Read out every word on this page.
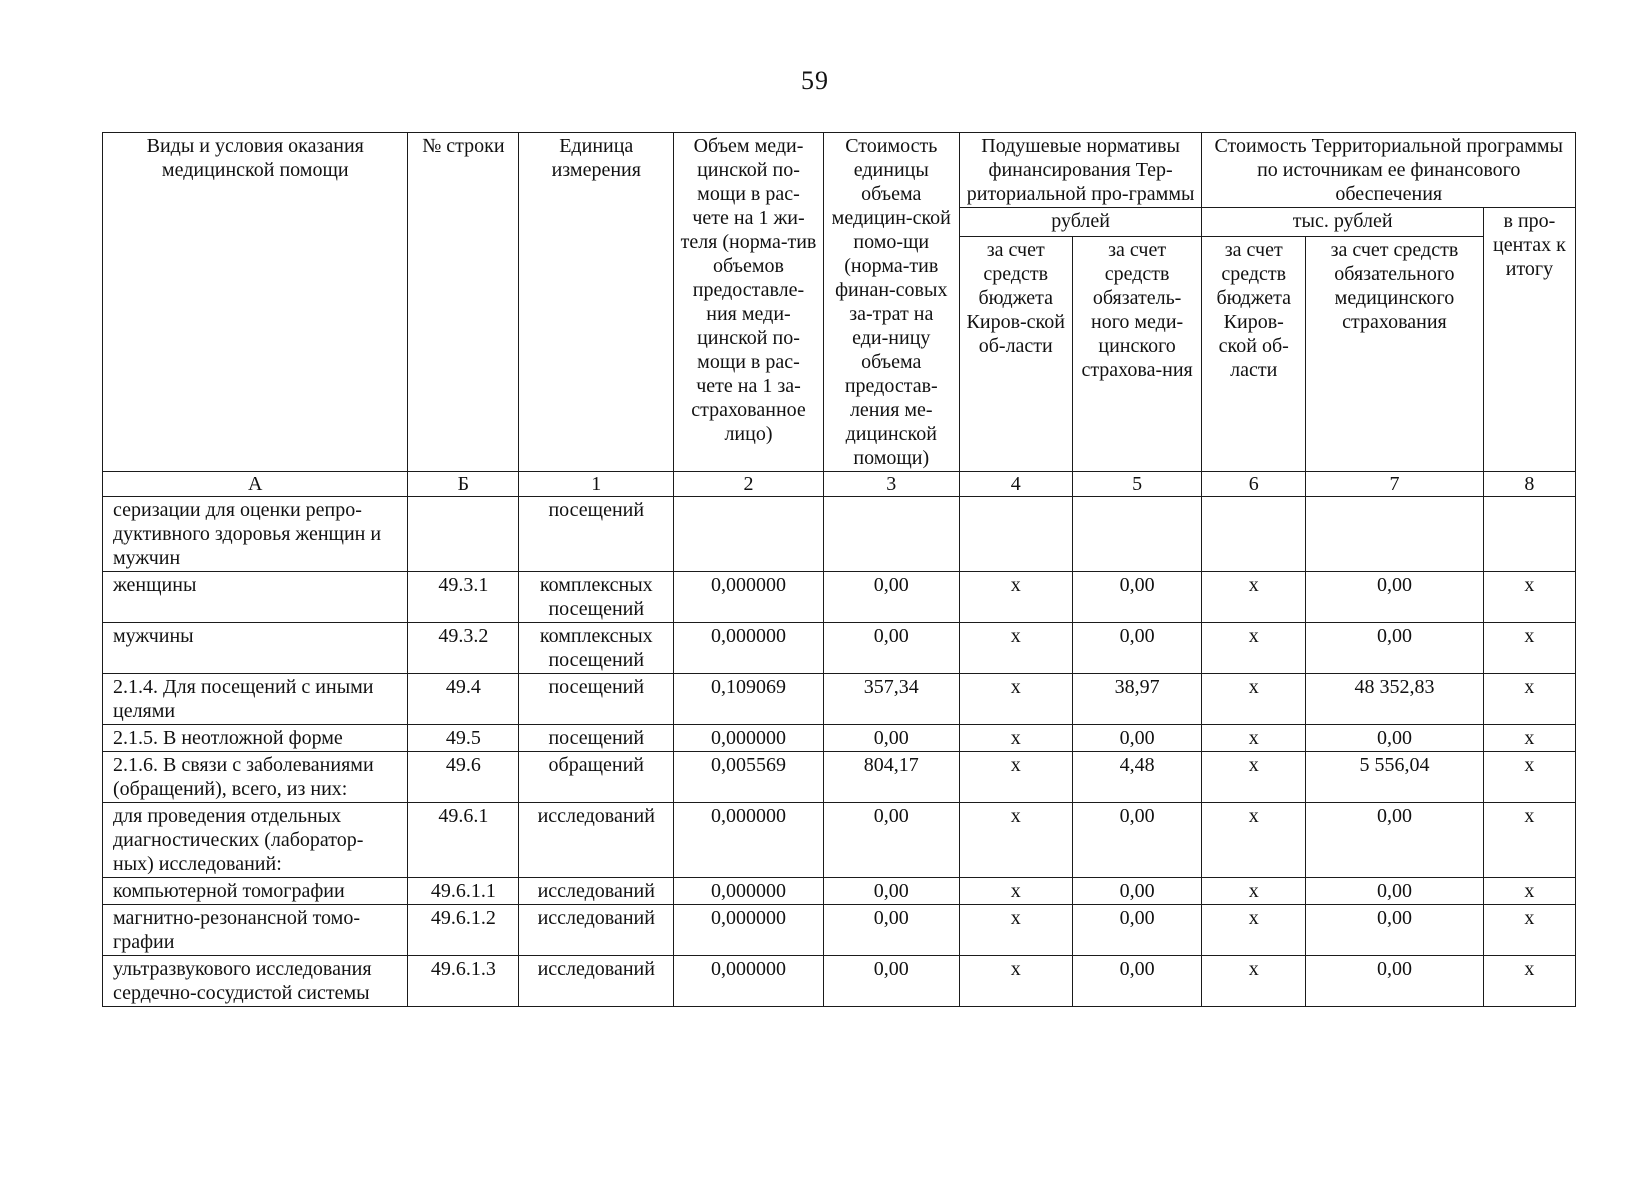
59
Виды и условия оказания медицинской помощи	№ строки	Единица измерения	Объем меди-цинской по-мощи в рас-чете на 1 жи-теля (норма-тив объемов предоставле-ния меди-цинской по-мощи в рас-чете на 1 за-страхованное лицо)	Стоимость единицы объема медицин-ской помо-щи (норма-тив финан-совых за-трат на еди-ницу объема предостав-ления ме-дицинской помощи)	Подушевые нормативы финансирования Тер-риториальной про-граммы		Стоимость Территориальной программы по источникам ее финансового обеспечения		
					рублей		тыс. рублей		в про-центах к итогу
					за счет средств бюджета Киров-ской об-ласти	за счет средств обязатель-ного меди-цинского страхова-ния	за счет средств бюджета Киров-ской об-ласти	за счет средств обязательного медицинского страхования	
А	Б	1	2	3	4	5	6	7	8
серизации для оценки репро-дуктивного здоровья женщин и мужчин		посещений							
женщины	49.3.1	комплексных посещений	0,000000	0,00	х	0,00	х	0,00	х
мужчины	49.3.2	комплексных посещений	0,000000	0,00	х	0,00	х	0,00	х
2.1.4. Для посещений с иными целями	49.4	посещений	0,109069	357,34	х	38,97	х	48 352,83	х
2.1.5. В неотложной форме	49.5	посещений	0,000000	0,00	х	0,00	х	0,00	х
2.1.6. В связи с заболеваниями (обращений), всего, из них:	49.6	обращений	0,005569	804,17	х	4,48	х	5 556,04	х
для проведения отдельных диагностических (лаборатор-ных) исследований:	49.6.1	исследований	0,000000	0,00	х	0,00	х	0,00	х
компьютерной томографии	49.6.1.1	исследований	0,000000	0,00	х	0,00	х	0,00	х
магнитно-резонансной томо-графии	49.6.1.2	исследований	0,000000	0,00	х	0,00	х	0,00	х
ультразвукового исследования сердечно-сосудистой системы	49.6.1.3	исследований	0,000000	0,00	х	0,00	х	0,00	х
